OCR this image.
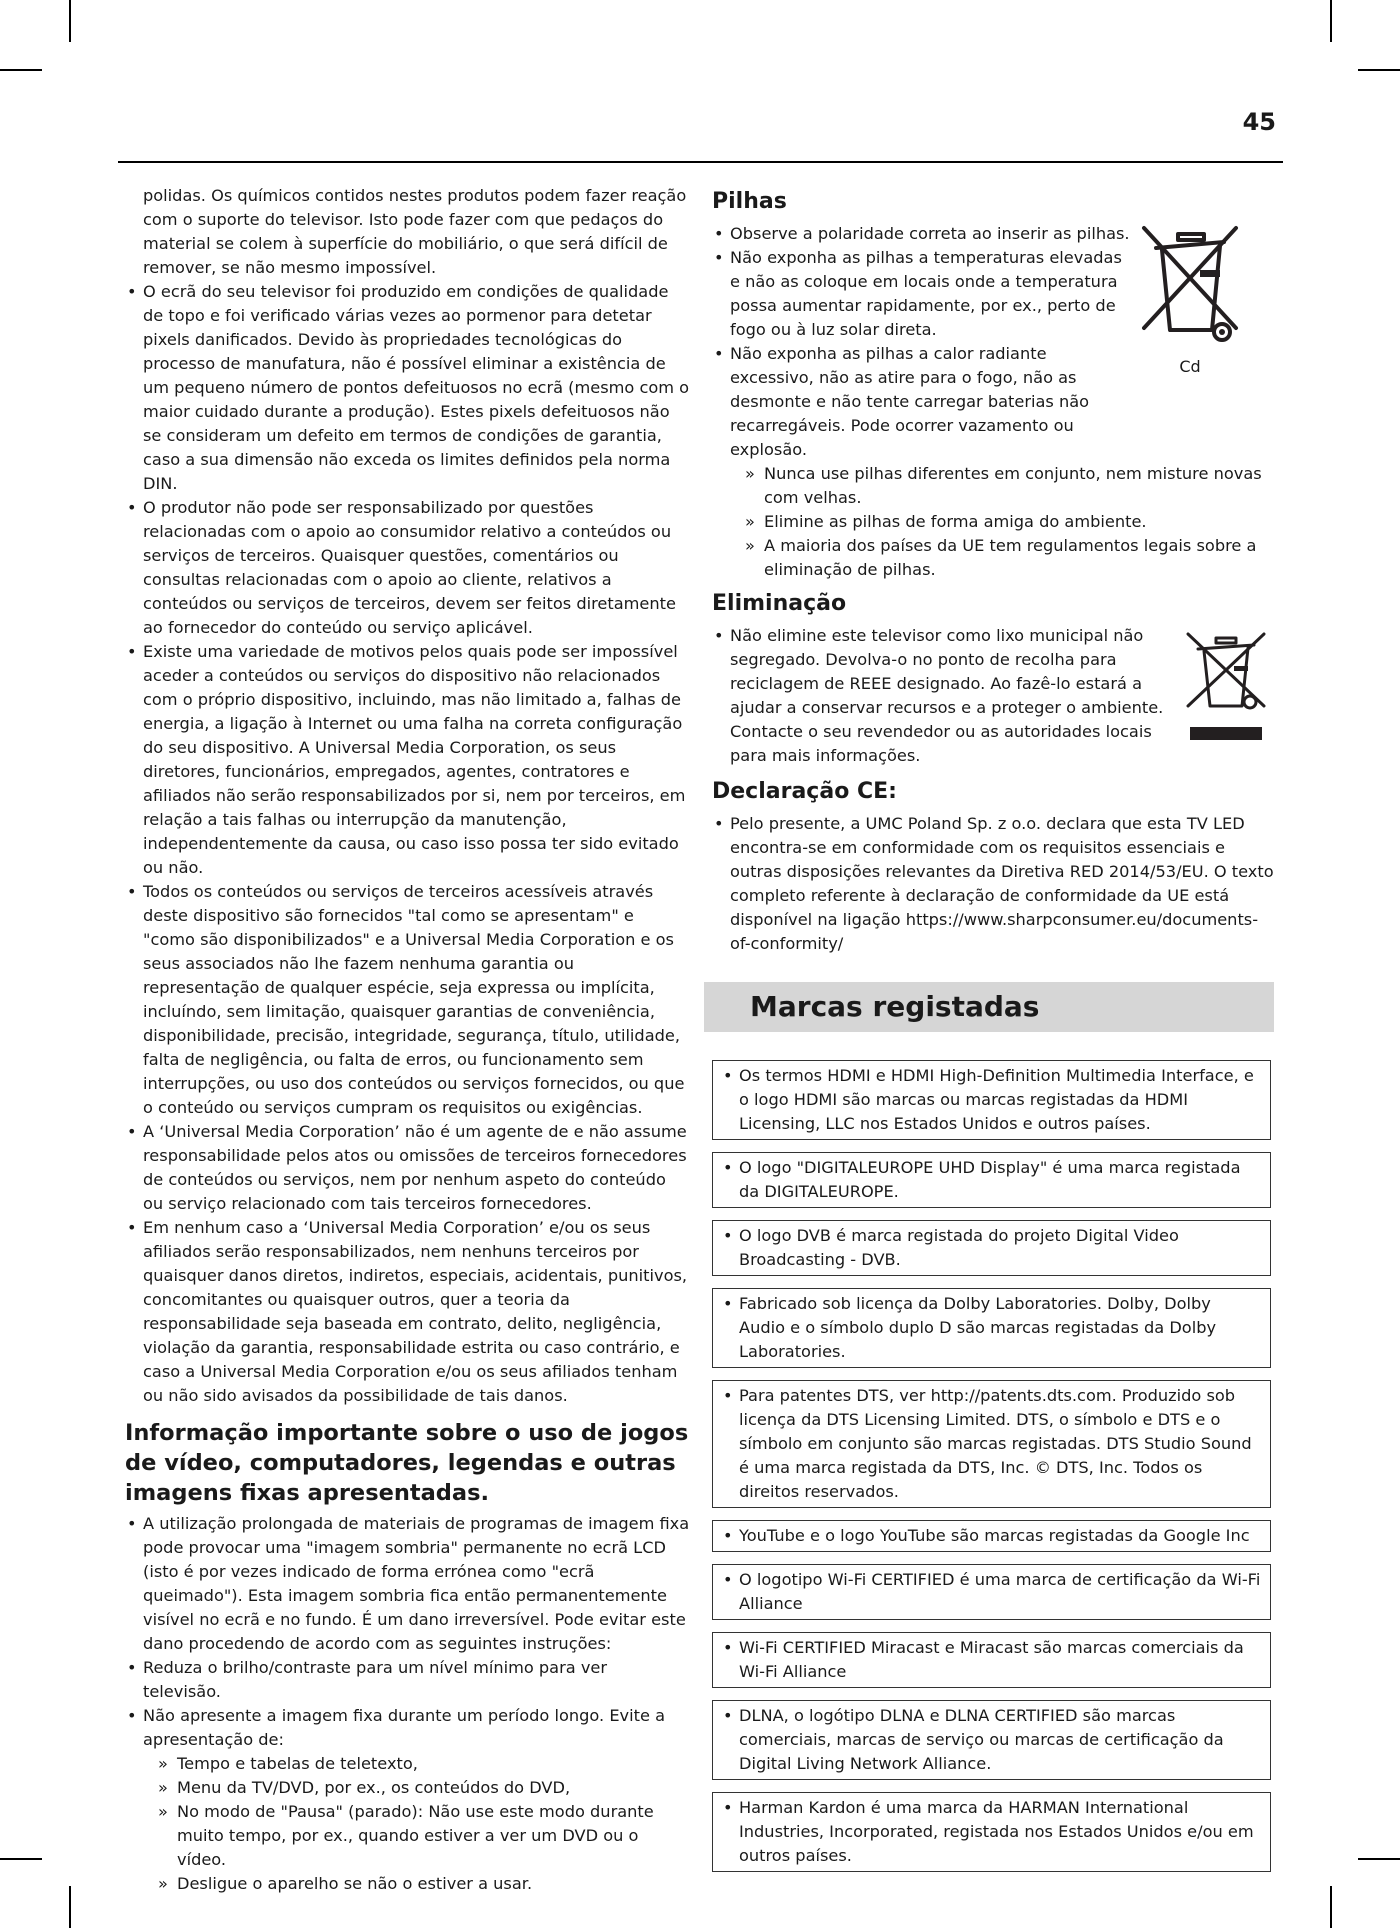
45

polidas. Os químicos contidos nestes produtos podem fazer reação com o suporte do televisor. Isto pode fazer com que pedaços do material se colem à superfície do mobiliário, o que será difícil de remover, se não mesmo impossível.

• O ecrã do seu televisor foi produzido em condições de qualidade de topo e foi verificado várias vezes ao pormenor para detetar pixels danificados. Devido às propriedades tecnológicas do processo de manufatura, não é possível eliminar a existência de um pequeno número de pontos defeituosos no ecrã (mesmo com o maior cuidado durante a produção). Estes pixels defeituosos não se consideram um defeito em termos de condições de garantia, caso a sua dimensão não exceda os limites definidos pela norma DIN.

• O produtor não pode ser responsabilizado por questões relacionadas com o apoio ao consumidor relativo a conteúdos ou serviços de terceiros. Quaisquer questões, comentários ou consultas relacionadas com o apoio ao cliente, relativos a conteúdos ou serviços de terceiros, devem ser feitos diretamente ao fornecedor do conteúdo ou serviço aplicável.

• Existe uma variedade de motivos pelos quais pode ser impossível aceder a conteúdos ou serviços do dispositivo não relacionados com o próprio dispositivo, incluindo, mas não limitado a, falhas de energia, a ligação à Internet ou uma falha na correta configuração do seu dispositivo. A Universal Media Corporation, os seus diretores, funcionários, empregados, agentes, contratores e afiliados não serão responsabilizados por si, nem por terceiros, em relação a tais falhas ou interrupção da manutenção, independentemente da causa, ou caso isso possa ter sido evitado ou não.

• Todos os conteúdos ou serviços de terceiros acessíveis através deste dispositivo são fornecidos "tal como se apresentam" e "como são disponibilizados" e a Universal Media Corporation e os seus associados não lhe fazem nenhuma garantia ou representação de qualquer espécie, seja expressa ou implícita, incluíndo, sem limitação, quaisquer garantias de conveniência, disponibilidade, precisão, integridade, segurança, título, utilidade, falta de negligência, ou falta de erros, ou funcionamento sem interrupções, ou uso dos conteúdos ou serviços fornecidos, ou que o conteúdo ou serviços cumpram os requisitos ou exigências.

• A ‘Universal Media Corporation’ não é um agente de e não assume responsabilidade pelos atos ou omissões de terceiros fornecedores de conteúdos ou serviços, nem por nenhum aspeto do conteúdo ou serviço relacionado com tais terceiros fornecedores.

• Em nenhum caso a ‘Universal Media Corporation’ e/ou os seus afiliados serão responsabilizados, nem nenhuns terceiros por quaisquer danos diretos, indiretos, especiais, acidentais, punitivos, concomitantes ou quaisquer outros, quer a teoria da responsabilidade seja baseada em contrato, delito, negligência, violação da garantia, responsabilidade estrita ou caso contrário, e caso a Universal Media Corporation e/ou os seus afiliados tenham ou não sido avisados da possibilidade de tais danos.

Informação importante sobre o uso de jogos de vídeo, computadores, legendas e outras imagens fixas apresentadas.

• A utilização prolongada de materiais de programas de imagem fixa pode provocar uma "imagem sombria" permanente no ecrã LCD (isto é por vezes indicado de forma errónea como "ecrã queimado"). Esta imagem sombria fica então permanentemente visível no ecrã e no fundo. É um dano irreversível. Pode evitar este dano procedendo de acordo com as seguintes instruções:

• Reduza o brilho/contraste para um nível mínimo para ver televisão.

• Não apresente a imagem fixa durante um período longo. Evite a apresentação de:

» Tempo e tabelas de teletexto,

» Menu da TV/DVD, por ex., os conteúdos do DVD,

» No modo de "Pausa" (parado): Não use este modo durante muito tempo, por ex., quando estiver a ver um DVD ou o vídeo.

» Desligue o aparelho se não o estiver a usar.

Pilhas
Cd

• Observe a polaridade correta ao inserir as pilhas.

• Não exponha as pilhas a temperaturas elevadas e não as coloque em locais onde a temperatura possa aumentar rapidamente, por ex., perto de fogo ou à luz solar direta.

• Não exponha as pilhas a calor radiante excessivo, não as atire para o fogo, não as desmonte e não tente carregar baterias não recarregáveis. Pode ocorrer vazamento ou explosão.

» Nunca use pilhas diferentes em conjunto, nem misture novas com velhas.

» Elimine as pilhas de forma amiga do ambiente.

» A maioria dos países da UE tem regulamentos legais sobre a eliminação de pilhas.

Eliminação

• Não elimine este televisor como lixo municipal não segregado. Devolva-o no ponto de recolha para reciclagem de REEE designado. Ao fazê-lo estará a ajudar a conservar recursos e a proteger o ambiente. Contacte o seu revendedor ou as autoridades locais para mais informações.

Declaração CE:

• Pelo presente, a UMC Poland Sp. z o.o. declara que esta TV LED encontra-se em conformidade com os requisitos essenciais e outras disposições relevantes da Diretiva RED 2014/53/EU. O texto completo referente à declaração de conformidade da UE está disponível na ligação https://www.sharpconsumer.eu/documents-of-conformity/

Marcas registadas

• Os termos HDMI e HDMI High-Definition Multimedia Interface, e o logo HDMI são marcas ou marcas registadas da HDMI Licensing, LLC nos Estados Unidos e outros países.

• O logo "DIGITALEUROPE UHD Display" é uma marca registada da DIGITALEUROPE.

• O logo DVB é marca registada do projeto Digital Video Broadcasting - DVB.

• Fabricado sob licença da Dolby Laboratories. Dolby, Dolby Audio e o símbolo duplo D são marcas registadas da Dolby Laboratories.

• Para patentes DTS, ver http://patents.dts.com. Produzido sob licença da DTS Licensing Limited. DTS, o símbolo e DTS e o símbolo em conjunto são marcas registadas. DTS Studio Sound é uma marca registada da DTS, Inc. © DTS, Inc. Todos os direitos reservados.

• YouTube e o logo YouTube são marcas registadas da Google Inc

• O logotipo Wi-Fi CERTIFIED é uma marca de certificação da Wi-Fi Alliance

• Wi-Fi CERTIFIED Miracast e Miracast são marcas comerciais da Wi-Fi Alliance

• DLNA, o logótipo DLNA e DLNA CERTIFIED são marcas comerciais, marcas de serviço ou marcas de certificação da Digital Living Network Alliance.

• Harman Kardon é uma marca da HARMAN International Industries, Incorporated, registada nos Estados Unidos e/ou em outros países.
